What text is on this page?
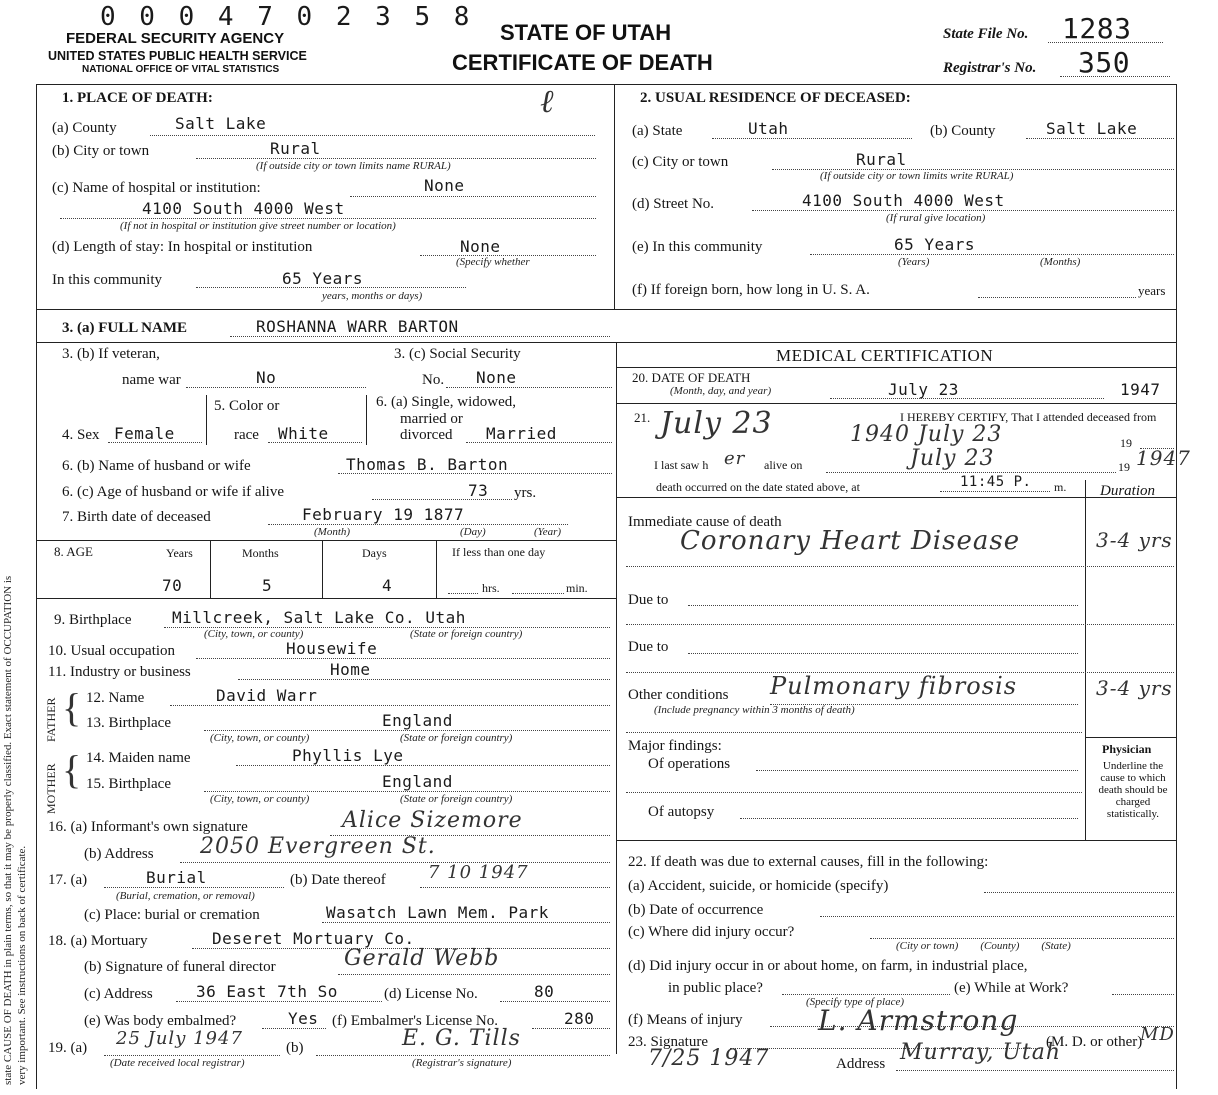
state CAUSE OF DEATH in plain terms, so that it may be properly classified. Exact statement of OCCUPATION is very important. See instructions on back of certificate.
0 0 0 4 7 0 2 3 5 8
FEDERAL SECURITY AGENCY
UNITED STATES PUBLIC HEALTH SERVICE
NATIONAL OFFICE OF VITAL STATISTICS
STATE OF UTAH
CERTIFICATE OF DEATH
State File No. 1283
Registrar's No. 350
1. PLACE OF DEATH:	ℓ
(a) County	Salt Lake
(b) City or town	Rural
(If outside city or town limits name RURAL)
(c) Name of hospital or institution:	None
4100 South 4000 West
(If not in hospital or institution give street number or location)
(d) Length of stay: In hospital or institution	None
(Specify whether
In this community	65 Years
years, months or days)
2. USUAL RESIDENCE OF DECEASED:
(a) State	Utah	(b) County	Salt Lake
(c) City or town	Rural
(If outside city or town limits write RURAL)
(d) Street No.	4100 South 4000 West
(If rural give location)
(e) In this community	65 Years
(Years)	(Months)
(f) If foreign born, how long in U. S. A.	years
3. (a) FULL NAME	ROSHANNA WARR BARTON
3. (b) If veteran,
name war	No
3. (c) Social Security
No. None
5. Color or	6. (a) Single, widowed,
married or
4. Sex Female	race White	divorced Married
6. (b) Name of husband or wife	Thomas B. Barton
6. (c) Age of husband or wife if alive	73 yrs.
7. Birth date of deceased	February 19 1877
(Month)	(Day)	(Year)
8. AGE	Years	Months	Days	If less than one day
70	5	4	hrs.	min.
9. Birthplace	Millcreek, Salt Lake Co. Utah
(City, town, or county)	(State or foreign country)
10. Usual occupation	Housewife
11. Industry or business	Home
FATHER
MOTHER
{
{
12. Name	David Warr
13. Birthplace	England
(City, town, or county)	(State or foreign country)
14. Maiden name	Phyllis Lye
15. Birthplace	England
(City, town, or county)	(State or foreign country)
16. (a) Informant's own signature	Alice Sizemore
(b) Address 2050 Evergreen St.
17. (a)	Burial
(Burial, cremation, or removal)
(b) Date thereof 7 10 1947
(c) Place: burial or cremation	Wasatch Lawn Mem. Park
18. (a) Mortuary	Deseret Mortuary Co.
(b) Signature of funeral director	Gerald Webb
(c) Address	36 East 7th So	(d) License No.	80
(e) Was body embalmed?	Yes (f) Embalmer's License No.	280
19. (a) 25 July 1947	(b)	E. G. Tills
(Date received local registrar)	(Registrar's signature)
MEDICAL CERTIFICATION
20. DATE OF DEATH
(Month, day, and year)	July 23	1947
21. July 23	I HEREBY CERTIFY, That I attended deceased from
1940 July 23	19
I last saw h er alive on	July 23	19 1947
death occurred on the date stated above, at	11:45 P. m. Duration
Immediate cause of death
Coronary Heart Disease	3-4 yrs
Due to
Due to
Other conditions Pulmonary fibrosis	3-4 yrs
(Include pregnancy within 3 months of death)
Major findings:
Of operations
Of autopsy
Physician
Underline the cause to which death should be charged statistically.
22. If death was due to external causes, fill in the following:
(a) Accident, suicide, or homicide (specify)
(b) Date of occurrence
(c) Where did injury occur?
(City or town)        (County)        (State)
(d) Did injury occur in or about home, on farm, in industrial place,
in public place?
(Specify type of place)
(e) While at Work?
(f) Means of injury
23. Signature
L. Armstrong
(M. D. or other)
MD
7/25 1947	Address Murray, Utah
